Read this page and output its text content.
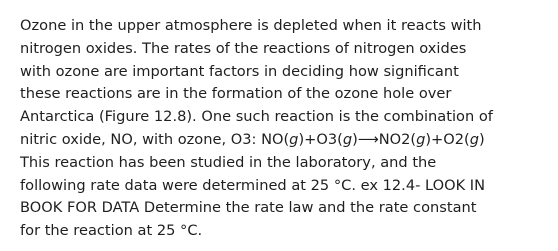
Ozone in the upper atmosphere is depleted when it reacts with
nitrogen oxides. The rates of the reactions of nitrogen oxides
with ozone are important factors in deciding how significant
these reactions are in the formation of the ozone hole over
Antarctica (Figure 12.8). One such reaction is the combination of
nitric oxide, NO, with ozone, O3: NO(g)+O3(g)⟶NO2(g)+O2(g)
This reaction has been studied in the laboratory, and the
following rate data were determined at 25 °C. ex 12.4- LOOK IN
BOOK FOR DATA Determine the rate law and the rate constant
for the reaction at 25 °C.
